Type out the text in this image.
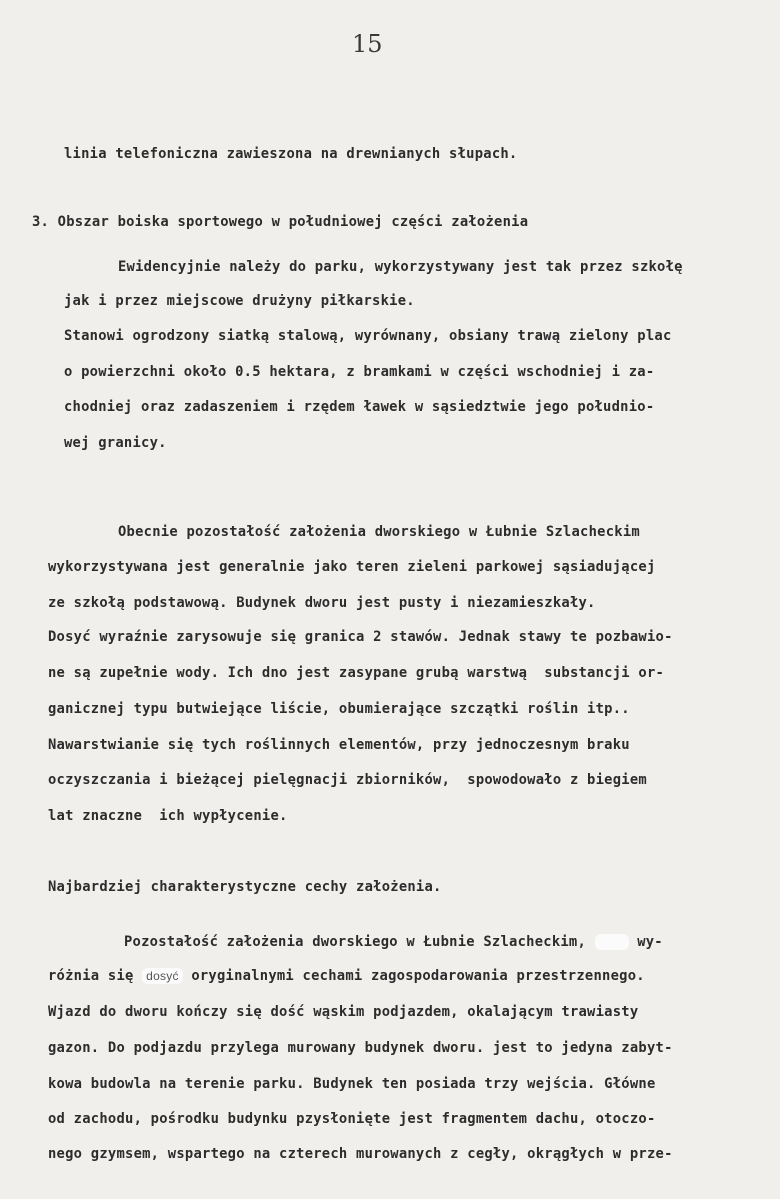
15
linia telefoniczna zawieszona na drewnianych słupach.
3. Obszar boiska sportowego w południowej części założenia
Ewidencyjnie należy do parku, wykorzystywany jest tak przez szkołę
jak i przez miejscowe drużyny piłkarskie.
Stanowi ogrodzony siatką stalową, wyrównany, obsiany trawą zielony plac
o powierzchni około 0.5 hektara, z bramkami w części wschodniej i za-
chodniej oraz zadaszeniem i rzędem ławek w sąsiedztwie jego południo-
wej granicy.
Obecnie pozostałość założenia dworskiego w Łubnie Szlacheckim
wykorzystywana jest generalnie jako teren zieleni parkowej sąsiadującej
ze szkołą podstawową. Budynek dworu jest pusty i niezamieszkały.
Dosyć wyraźnie zarysowuje się granica 2 stawów. Jednak stawy te pozbawio-
ne są zupełnie wody. Ich dno jest zasypane grubą warstwą  substancji or-
ganicznej typu butwiejące liście, obumierające szczątki roślin itp..
Nawarstwianie się tych roślinnych elementów, przy jednoczesnym braku
oczyszczania i bieżącej pielęgnacji zbiorników,  spowodowało z biegiem
lat znaczne  ich wypłycenie.
Najbardziej charakterystyczne cechy założenia.
Pozostałość założenia dworskiego w Łubnie Szlacheckim,	wy-
różnia się dosyć oryginalnymi cechami zagospodarowania przestrzennego.
Wjazd do dworu kończy się dość wąskim podjazdem, okalającym trawiasty
gazon. Do podjazdu przylega murowany budynek dworu. jest to jedyna zabyt-
kowa budowla na terenie parku. Budynek ten posiada trzy wejścia. Główne
od zachodu, pośrodku budynku pzysłonięte jest fragmentem dachu, otoczo-
nego gzymsem, wspartego na czterech murowanych z cegły, okrągłych w prze-
